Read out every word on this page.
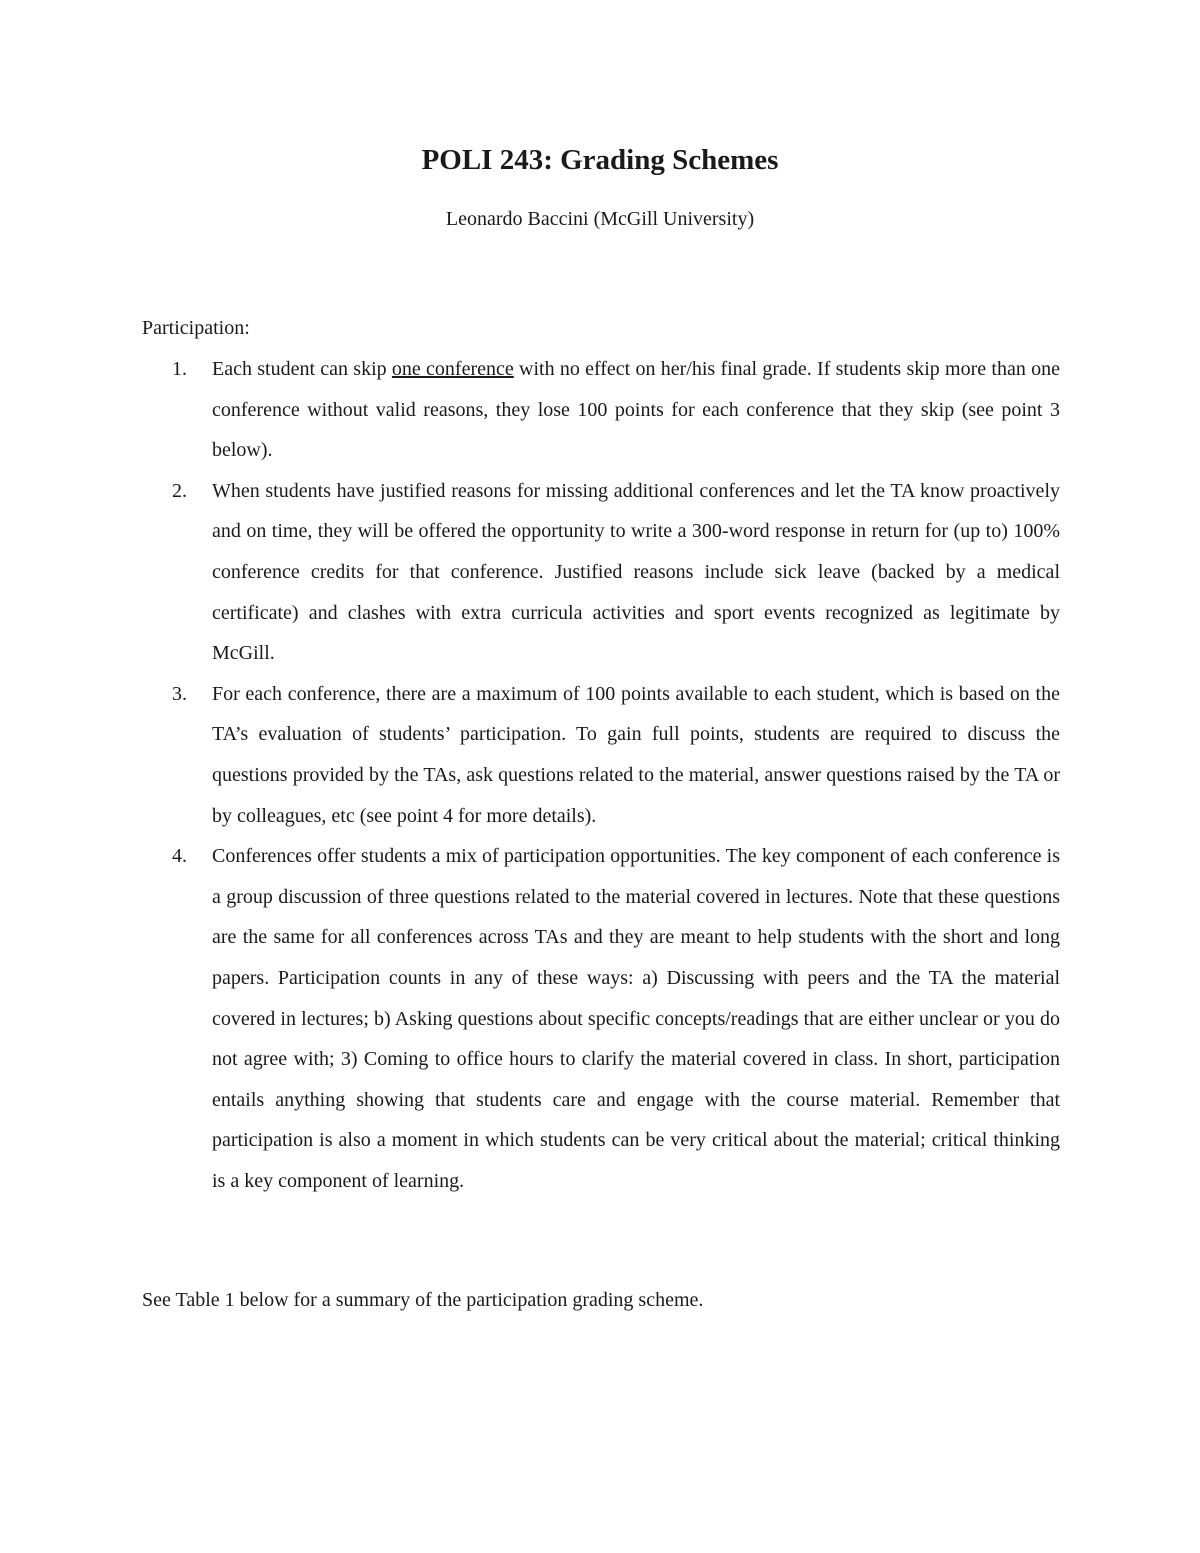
POLI 243: Grading Schemes

Leonardo Baccini (McGill University)

Participation:

1. Each student can skip one conference with no effect on her/his final grade. If students skip more than one conference without valid reasons, they lose 100 points for each conference that they skip (see point 3 below).
2. When students have justified reasons for missing additional conferences and let the TA know proactively and on time, they will be offered the opportunity to write a 300-word response in return for (up to) 100% conference credits for that conference. Justified reasons include sick leave (backed by a medical certificate) and clashes with extra curricula activities and sport events recognized as legitimate by McGill.
3. For each conference, there are a maximum of 100 points available to each student, which is based on the TA’s evaluation of students’ participation. To gain full points, students are required to discuss the questions provided by the TAs, ask questions related to the material, answer questions raised by the TA or by colleagues, etc (see point 4 for more details).
4. Conferences offer students a mix of participation opportunities. The key component of each conference is a group discussion of three questions related to the material covered in lectures. Note that these questions are the same for all conferences across TAs and they are meant to help students with the short and long papers. Participation counts in any of these ways: a) Discussing with peers and the TA the material covered in lectures; b) Asking questions about specific concepts/readings that are either unclear or you do not agree with; 3) Coming to office hours to clarify the material covered in class. In short, participation entails anything showing that students care and engage with the course material. Remember that participation is also a moment in which students can be very critical about the material; critical thinking is a key component of learning.

See Table 1 below for a summary of the participation grading scheme.
